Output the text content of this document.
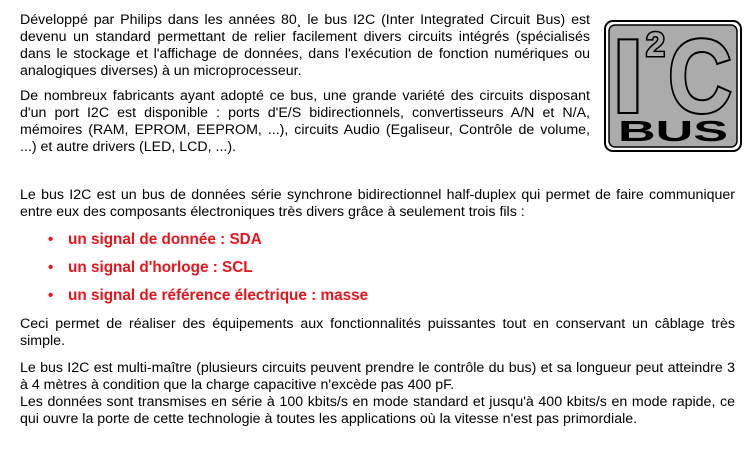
Développé par Philips dans les années 80¸ le bus I2C (Inter Integrated Circuit Bus) est devenu un standard permettant de relier facilement divers circuits intégrés (spécialisés dans le stockage et l'affichage de données, dans l'exécution de fonction numériques ou analogiques diverses) à un microprocesseur.

De nombreux fabricants ayant adopté ce bus, une grande variété des circuits disposant d'un port I2C est disponible : ports d'E/S bidirectionnels, convertisseurs A/N et N/A, mémoires (RAM, EPROM, EEPROM, ...), circuits Audio (Egaliseur, Contrôle de volume, ...) et autre drivers (LED, LCD, ...).

I 2 C
BUS

Le bus I2C est un bus de données série synchrone bidirectionnel half-duplex qui permet de faire communiquer entre eux des composants électroniques très divers grâce à seulement trois fils :

• un signal de donnée : SDA
• un signal d'horloge : SCL
• un signal de référence électrique : masse

Ceci permet de réaliser des équipements aux fonctionnalités puissantes tout en conservant un câblage très simple.

Le bus I2C est multi-maître (plusieurs circuits peuvent prendre le contrôle du bus) et sa longueur peut atteindre 3 à 4 mètres à condition que la charge capacitive n'excède pas 400 pF.

Les données sont transmises en série à 100 kbits/s en mode standard et jusqu'à 400 kbits/s en mode rapide, ce qui ouvre la porte de cette technologie à toutes les applications où la vitesse n'est pas primordiale.
